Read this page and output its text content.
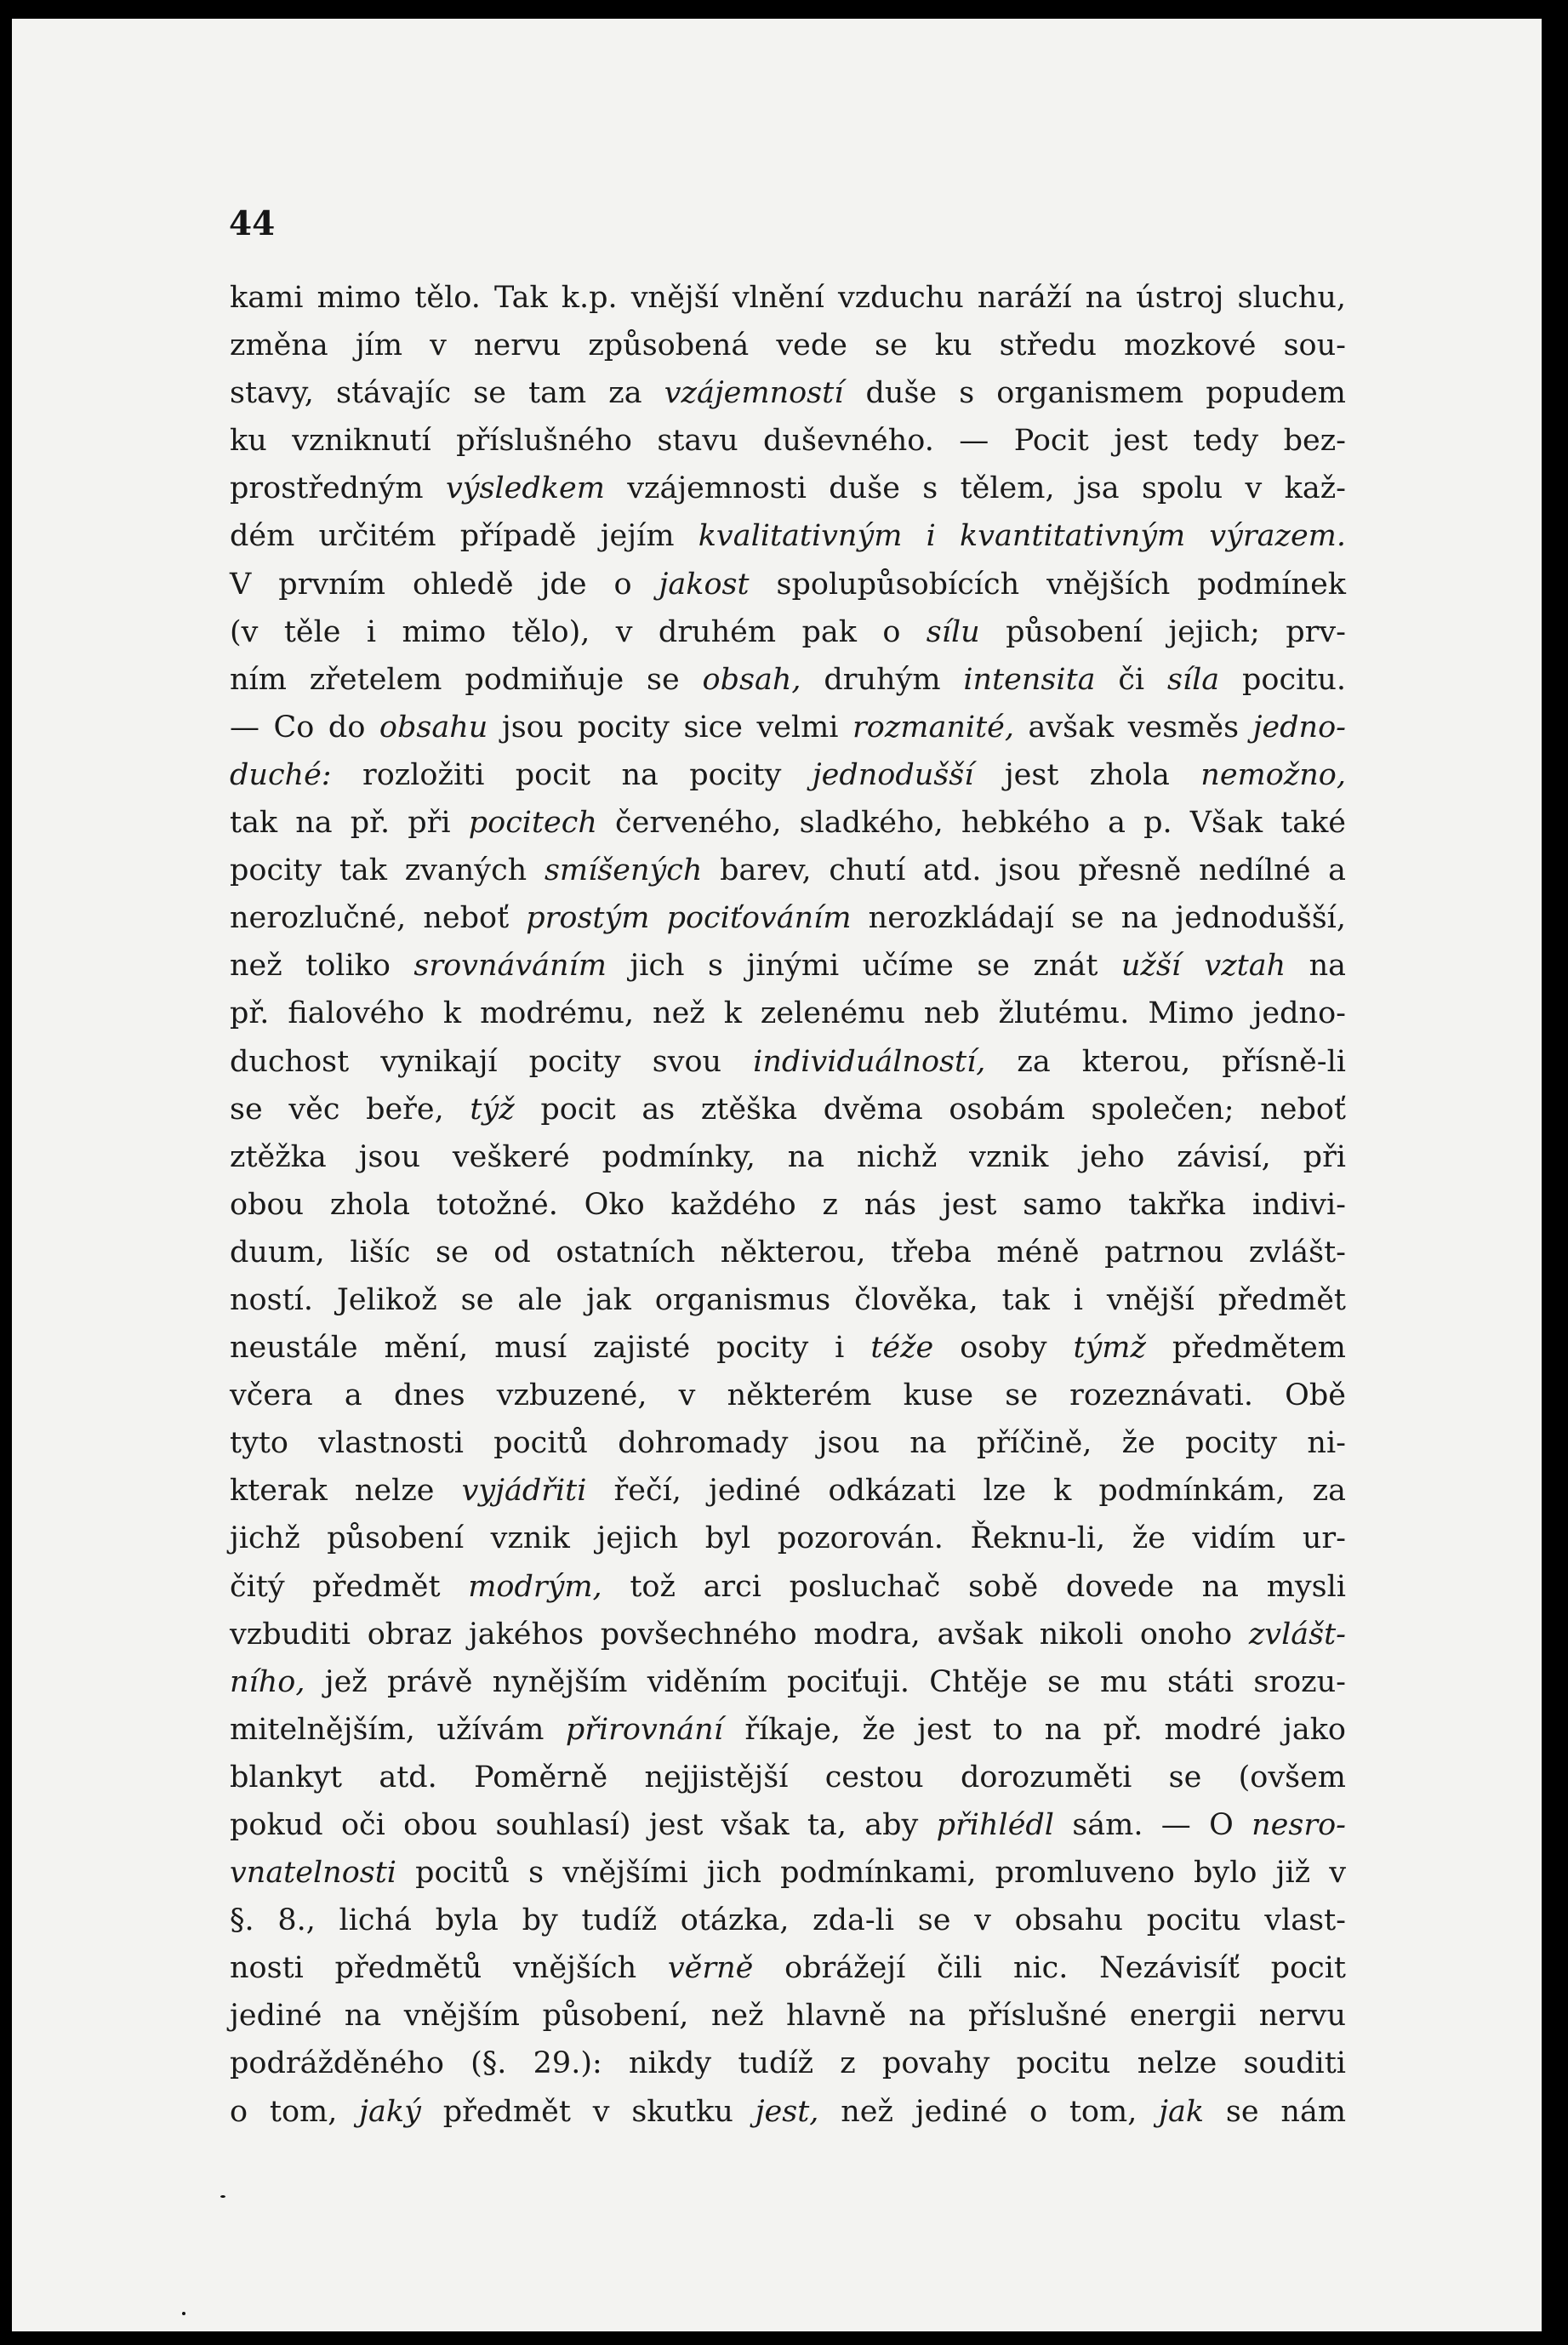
44
kami mimo tělo. Tak k.p. vnější vlnění vzduchu naráží na ústroj sluchu,
změna jím v nervu způsobená vede se ku středu mozkové sou-
stavy, stávajíc se tam za vzájemností duše s organismem popudem
ku vzniknutí příslušného stavu duševného. — Pocit jest tedy bez-
prostředným výsledkem vzájemnosti duše s tělem, jsa spolu v kaž-
dém určitém případě jejím kvalitativným i kvantitativným výrazem.
V prvním ohledě jde o jakost spolupůsobících vnějších podmínek
(v těle i mimo tělo), v druhém pak o sílu působení jejich; prv-
ním zřetelem podmiňuje se obsah, druhým intensita či síla pocitu.
— Co do obsahu jsou pocity sice velmi rozmanité, avšak vesměs jedno-
duché: rozložiti pocit na pocity jednodušší jest zhola nemožno,
tak na př. při pocitech červeného, sladkého, hebkého a p. Však také
pocity tak zvaných smíšených barev, chutí atd. jsou přesně nedílné a
nerozlučné, neboť prostým pociťováním nerozkládají se na jednodušší,
než toliko srovnáváním jich s jinými učíme se znát užší vztah na
př. fialového k modrému, než k zelenému neb žlutému. Mimo jedno-
duchost vynikají pocity svou individuálností, za kterou, přísně-li
se věc beře, týž pocit as ztěška dvěma osobám společen; neboť
ztěžka jsou veškeré podmínky, na nichž vznik jeho závisí, při
obou zhola totožné. Oko každého z nás jest samo takřka indivi-
duum, lišíc se od ostatních některou, třeba méně patrnou zvlášt-
ností. Jelikož se ale jak organismus člověka, tak i vnější předmět
neustále mění, musí zajisté pocity i téže osoby týmž předmětem
včera a dnes vzbuzené, v některém kuse se rozeznávati. Obě
tyto vlastnosti pocitů dohromady jsou na příčině, že pocity ni-
kterak nelze vyjádřiti řečí, jediné odkázati lze k podmínkám, za
jichž působení vznik jejich byl pozorován. Řeknu-li, že vidím ur-
čitý předmět modrým, tož arci posluchač sobě dovede na mysli
vzbuditi obraz jakéhos povšechného modra, avšak nikoli onoho zvlášt-
ního, jež právě nynějším viděním pociťuji. Chtěje se mu státi srozu-
mitelnějším, užívám přirovnání říkaje, že jest to na př. modré jako
blankyt atd. Poměrně nejjistější cestou dorozuměti se (ovšem
pokud oči obou souhlasí) jest však ta, aby přihlédl sám. — O nesro-
vnatelnosti pocitů s vnějšími jich podmínkami, promluveno bylo již v
§. 8., lichá byla by tudíž otázka, zda-li se v obsahu pocitu vlast-
nosti předmětů vnějších věrně obrážejí čili nic. Nezávisíť pocit
jediné na vnějším působení, než hlavně na příslušné energii nervu
podrážděného (§. 29.): nikdy tudíž z povahy pocitu nelze souditi
o tom, jaký předmět v skutku jest, než jediné o tom, jak se nám
